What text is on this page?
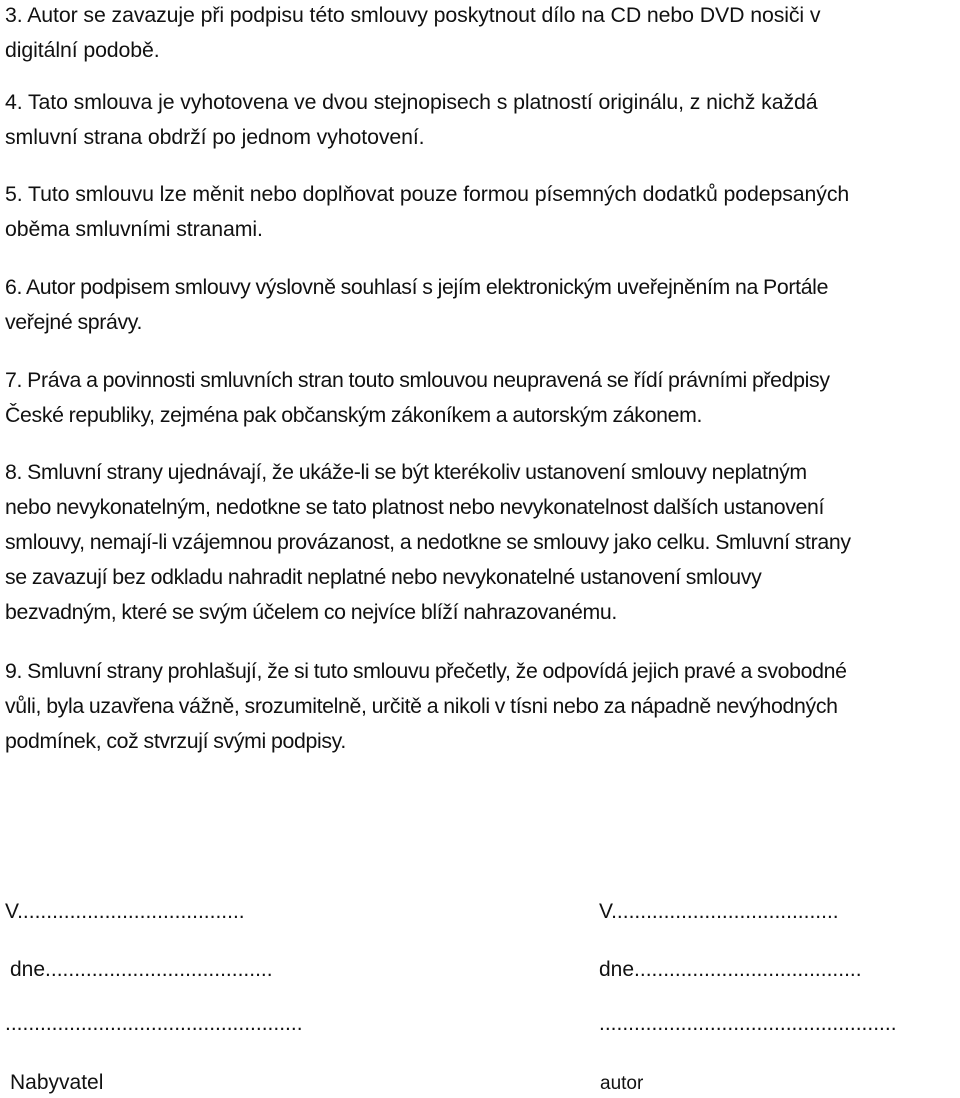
3. Autor se zavazuje při podpisu této smlouvy poskytnout dílo na CD nebo DVD nosiči v
digitální podobě.

4. Tato smlouva je vyhotovena ve dvou stejnopisech s platností originálu, z nichž každá
smluvní strana obdrží po jednom vyhotovení.

5. Tuto smlouvu lze měnit nebo doplňovat pouze formou písemných dodatků podepsaných
oběma smluvními stranami.

6. Autor podpisem smlouvy výslovně souhlasí s jejím elektronickým uveřejněním na Portále
veřejné správy.

7. Práva a povinnosti smluvních stran touto smlouvou neupravená se řídí právními předpisy
České republiky, zejména pak občanským zákoníkem a autorským zákonem.

8. Smluvní strany ujednávají, že ukáže-li se být kterékoliv ustanovení smlouvy neplatným
nebo nevykonatelným, nedotkne se tato platnost nebo nevykonatelnost dalších ustanovení
smlouvy, nemají-li vzájemnou provázanost, a nedotkne se smlouvy jako celku. Smluvní strany
se zavazují bez odkladu nahradit neplatné nebo nevykonatelné ustanovení smlouvy
bezvadným, které se svým účelem co nejvíce blíží nahrazovanému.

9. Smluvní strany prohlašují, že si tuto smlouvu přečetly, že odpovídá jejich pravé a svobodné
vůli, byla uzavřena vážně, srozumitelně, určitě a nikoli v tísni nebo za nápadně nevýhodných
podmínek, což stvrzují svými podpisy.

V.......................................

dne.......................................

...................................................

Nabyvatel

V.......................................

dne.......................................

...................................................

autor
